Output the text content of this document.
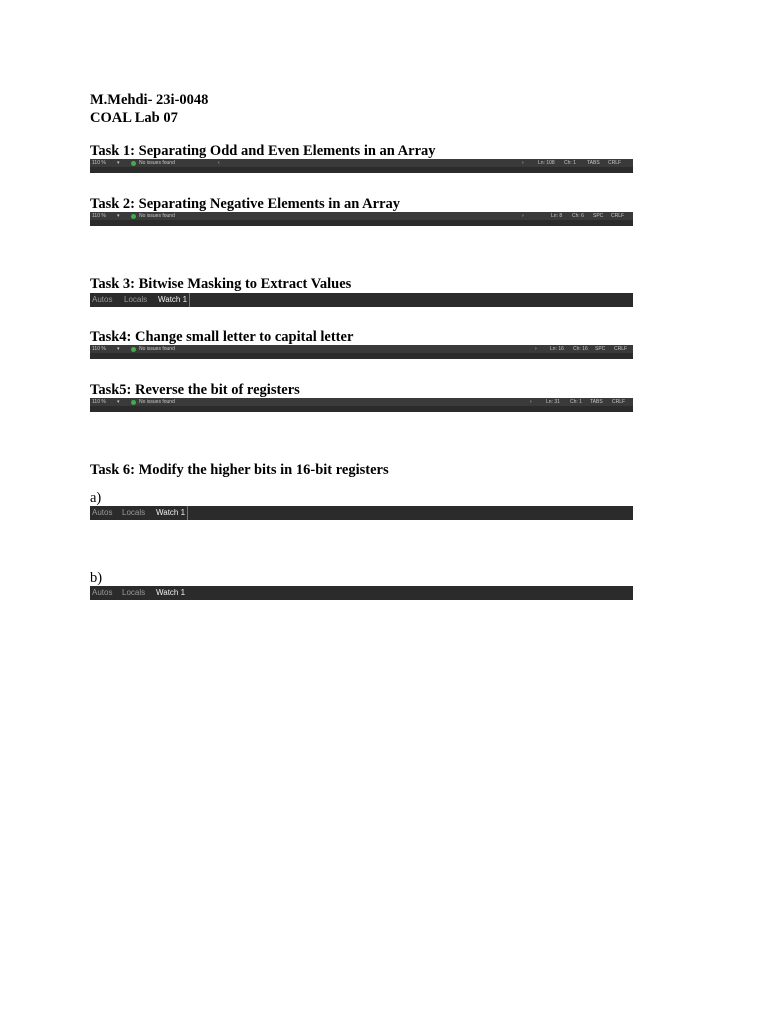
M.Mehdi- 23i-0048
COAL Lab 07
Task 1: Separating Odd and Even Elements in an Array
110 % ▾	No issues found	‹	›	Ln: 108 Ch: 1 TABS CRLF
Task 2: Separating Negative Elements in an Array
110 % ▾	No issues found	›	Ln: 8 Ch: 6 SPC CRLF
Task 3: Bitwise Masking to Extract Values
Autos Locals Watch 1
Task4: Change small letter to capital letter
110 % ▾	No issues found	›	Ln: 16 Ch: 16 SPC CRLF
Task5: Reverse the bit of registers
110 % ▾	No issues found	›	Ln: 31 Ch: 1 TABS CRLF
Task 6: Modify the higher bits in 16-bit registers
a)
Autos Locals Watch 1
b)
Autos Locals Watch 1
